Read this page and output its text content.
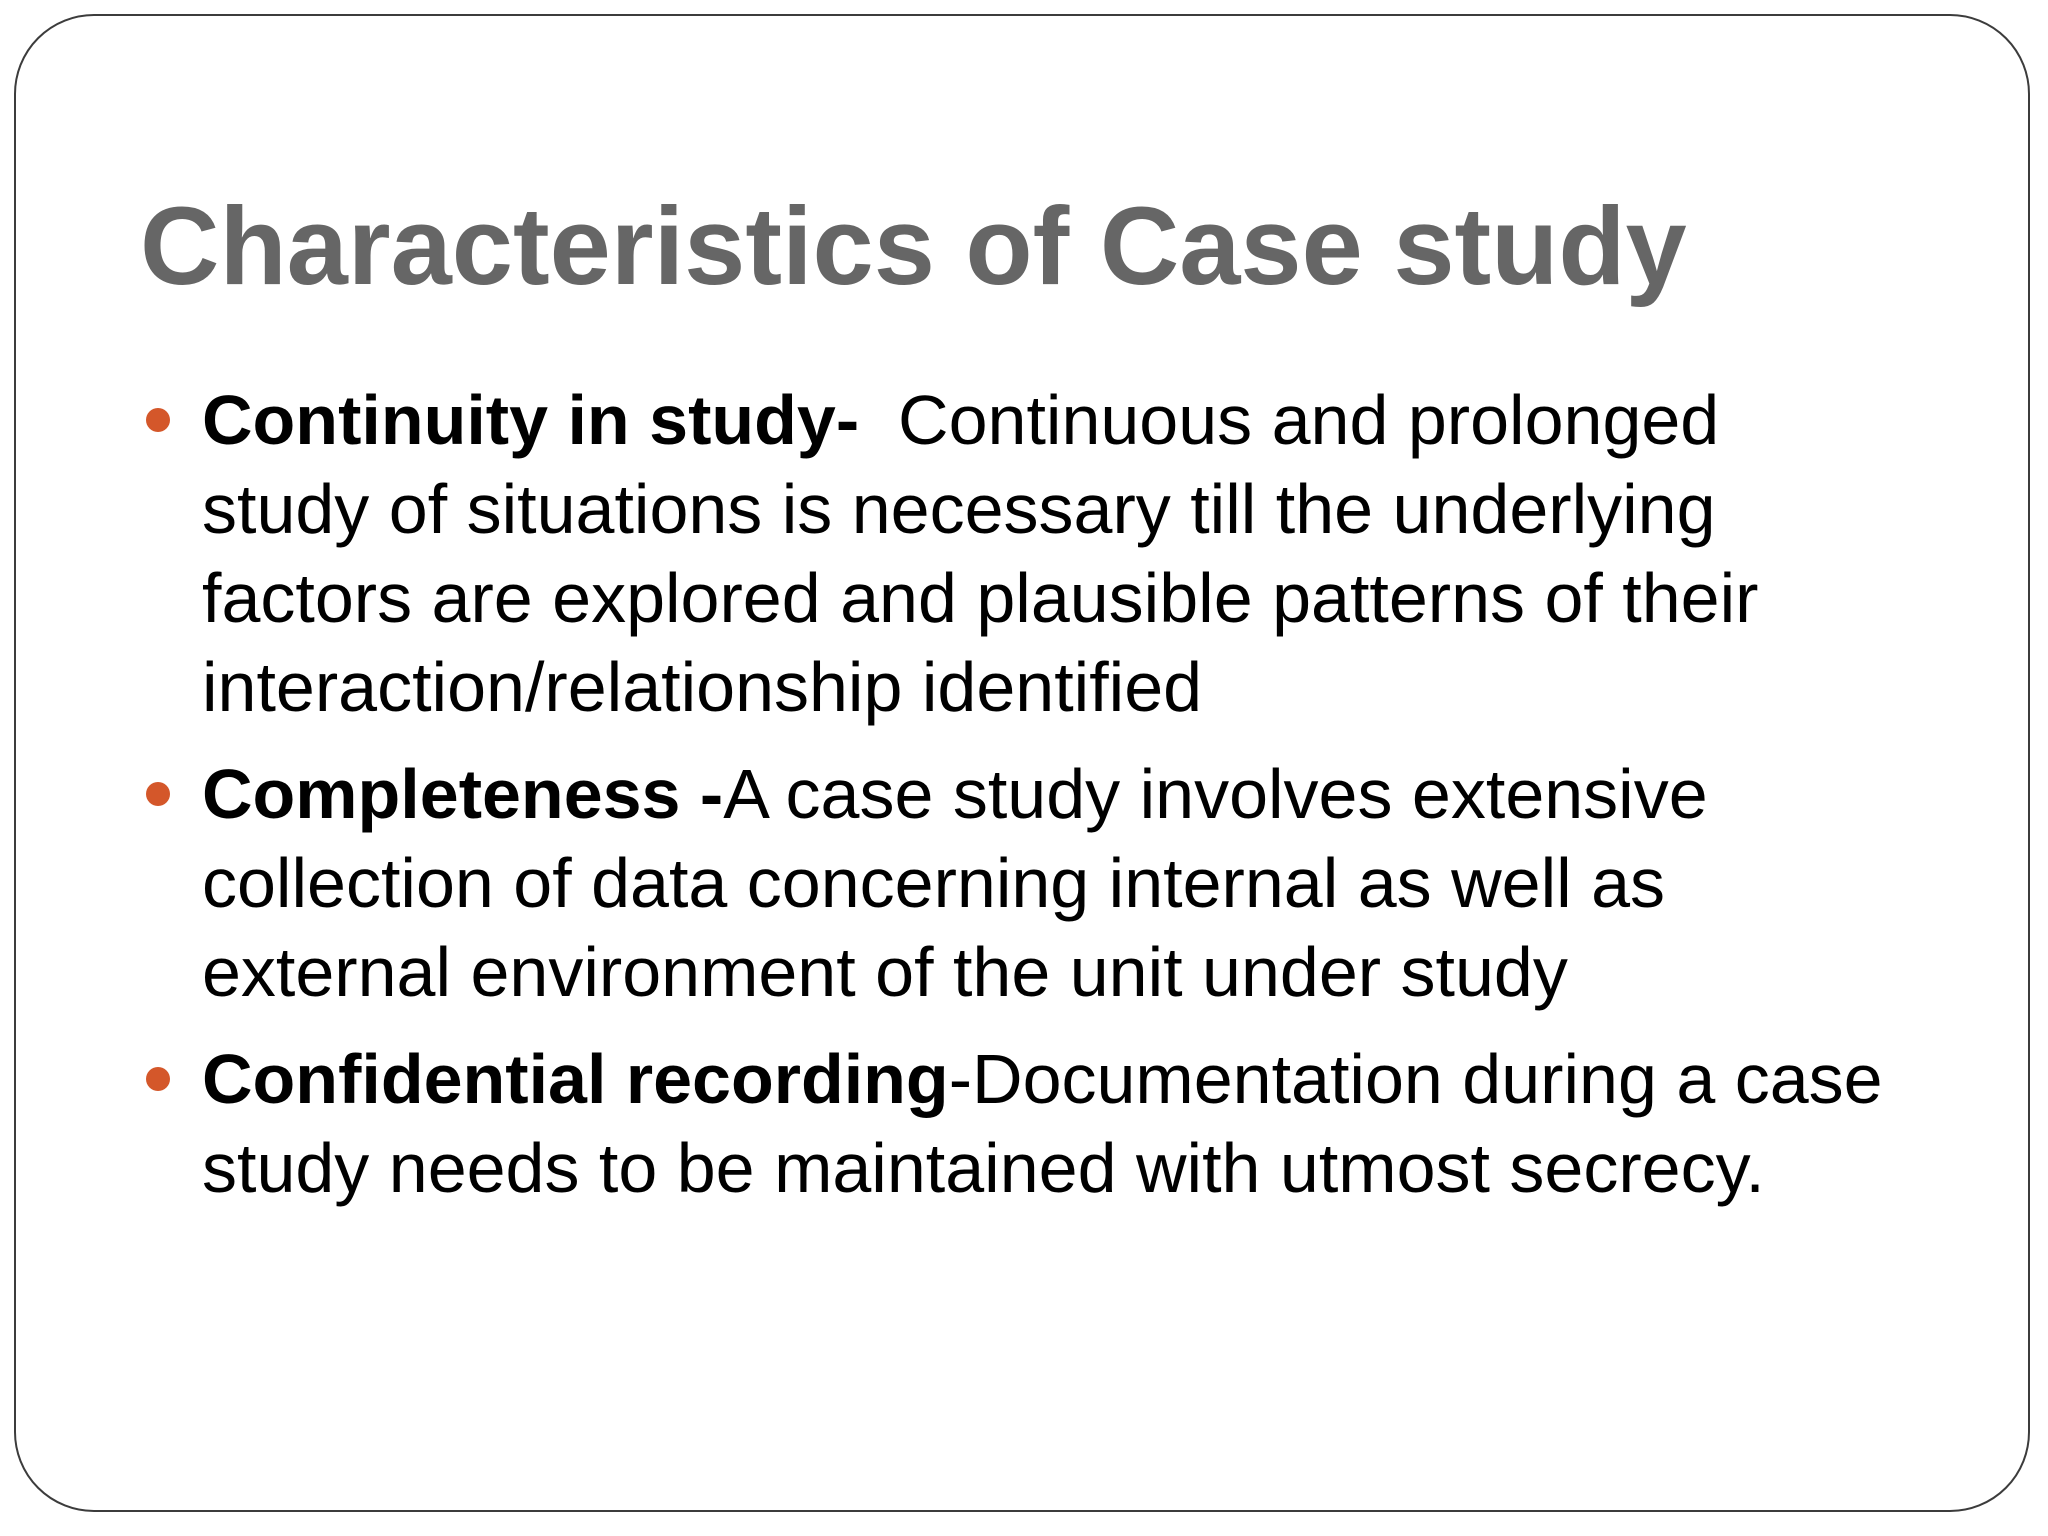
Characteristics of Case study
Continuity in study-  Continuous and prolonged study of situations is necessary till the underlying factors are explored and plausible patterns of their interaction/relationship identified
Completeness -A case study involves extensive collection of data concerning internal as well as external environment of the unit under study
Confidential recording-Documentation during a case study needs to be maintained with utmost secrecy.
